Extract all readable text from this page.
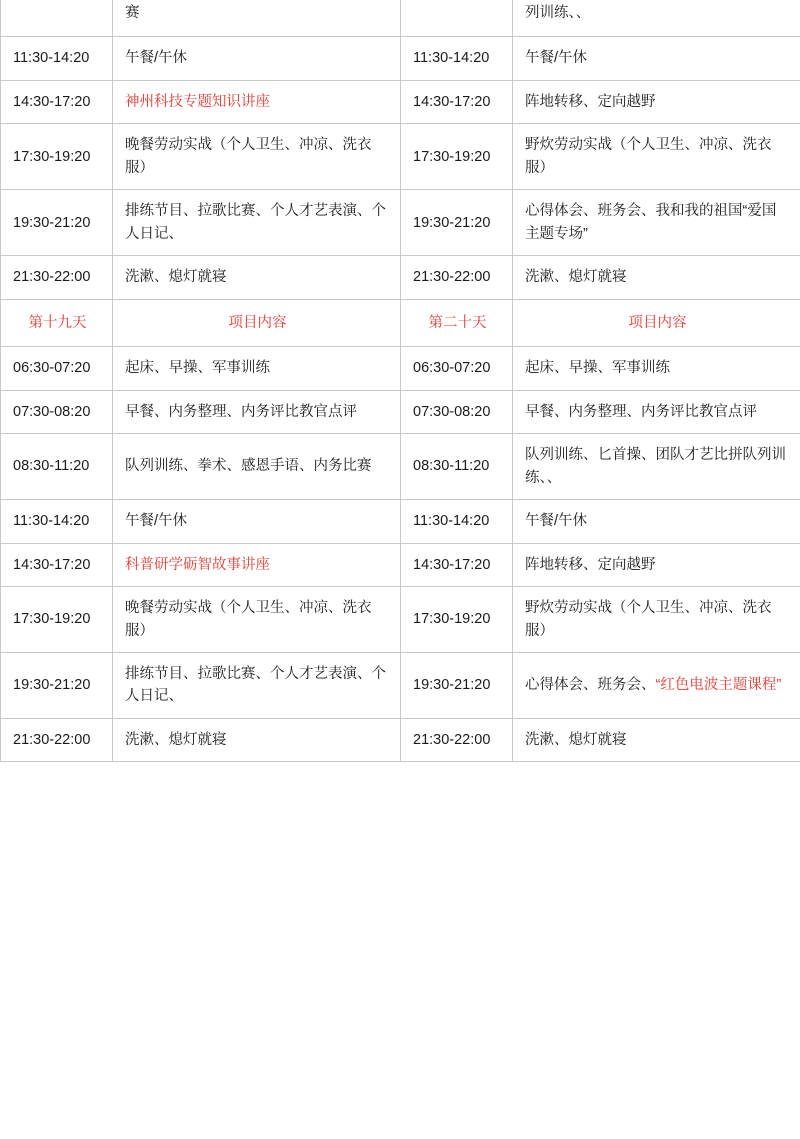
	赛		列训练、、
11:30-14:20	午餐/午休	11:30-14:20	午餐/午休
14:30-17:20	神州科技专题知识讲座	14:30-17:20	阵地转移、定向越野
17:30-19:20	晚餐劳动实战（个人卫生、冲凉、洗衣服）	17:30-19:20	野炊劳动实战（个人卫生、冲凉、洗衣服）
19:30-21:20	排练节目、拉歌比赛、个人才艺表演、个人日记、	19:30-21:20	心得体会、班务会、我和我的祖国“爱国主题专场”
21:30-22:00	洗漱、熄灯就寝	21:30-22:00	洗漱、熄灯就寝
第十九天	项目内容	第二十天	项目内容
06:30-07:20	起床、早操、军事训练	06:30-07:20	起床、早操、军事训练
07:30-08:20	早餐、内务整理、内务评比教官点评	07:30-08:20	早餐、内务整理、内务评比教官点评
08:30-11:20	队列训练、拳术、感恩手语、内务比赛	08:30-11:20	队列训练、匕首操、团队才艺比拼队列训练、、
11:30-14:20	午餐/午休	11:30-14:20	午餐/午休
14:30-17:20	科普研学砺智故事讲座	14:30-17:20	阵地转移、定向越野
17:30-19:20	晚餐劳动实战（个人卫生、冲凉、洗衣服）	17:30-19:20	野炊劳动实战（个人卫生、冲凉、洗衣服）
19:30-21:20	排练节目、拉歌比赛、个人才艺表演、个人日记、	19:30-21:20	心得体会、班务会、“红色电波主题课程”
21:30-22:00	洗漱、熄灯就寝	21:30-22:00	洗漱、熄灯就寝
